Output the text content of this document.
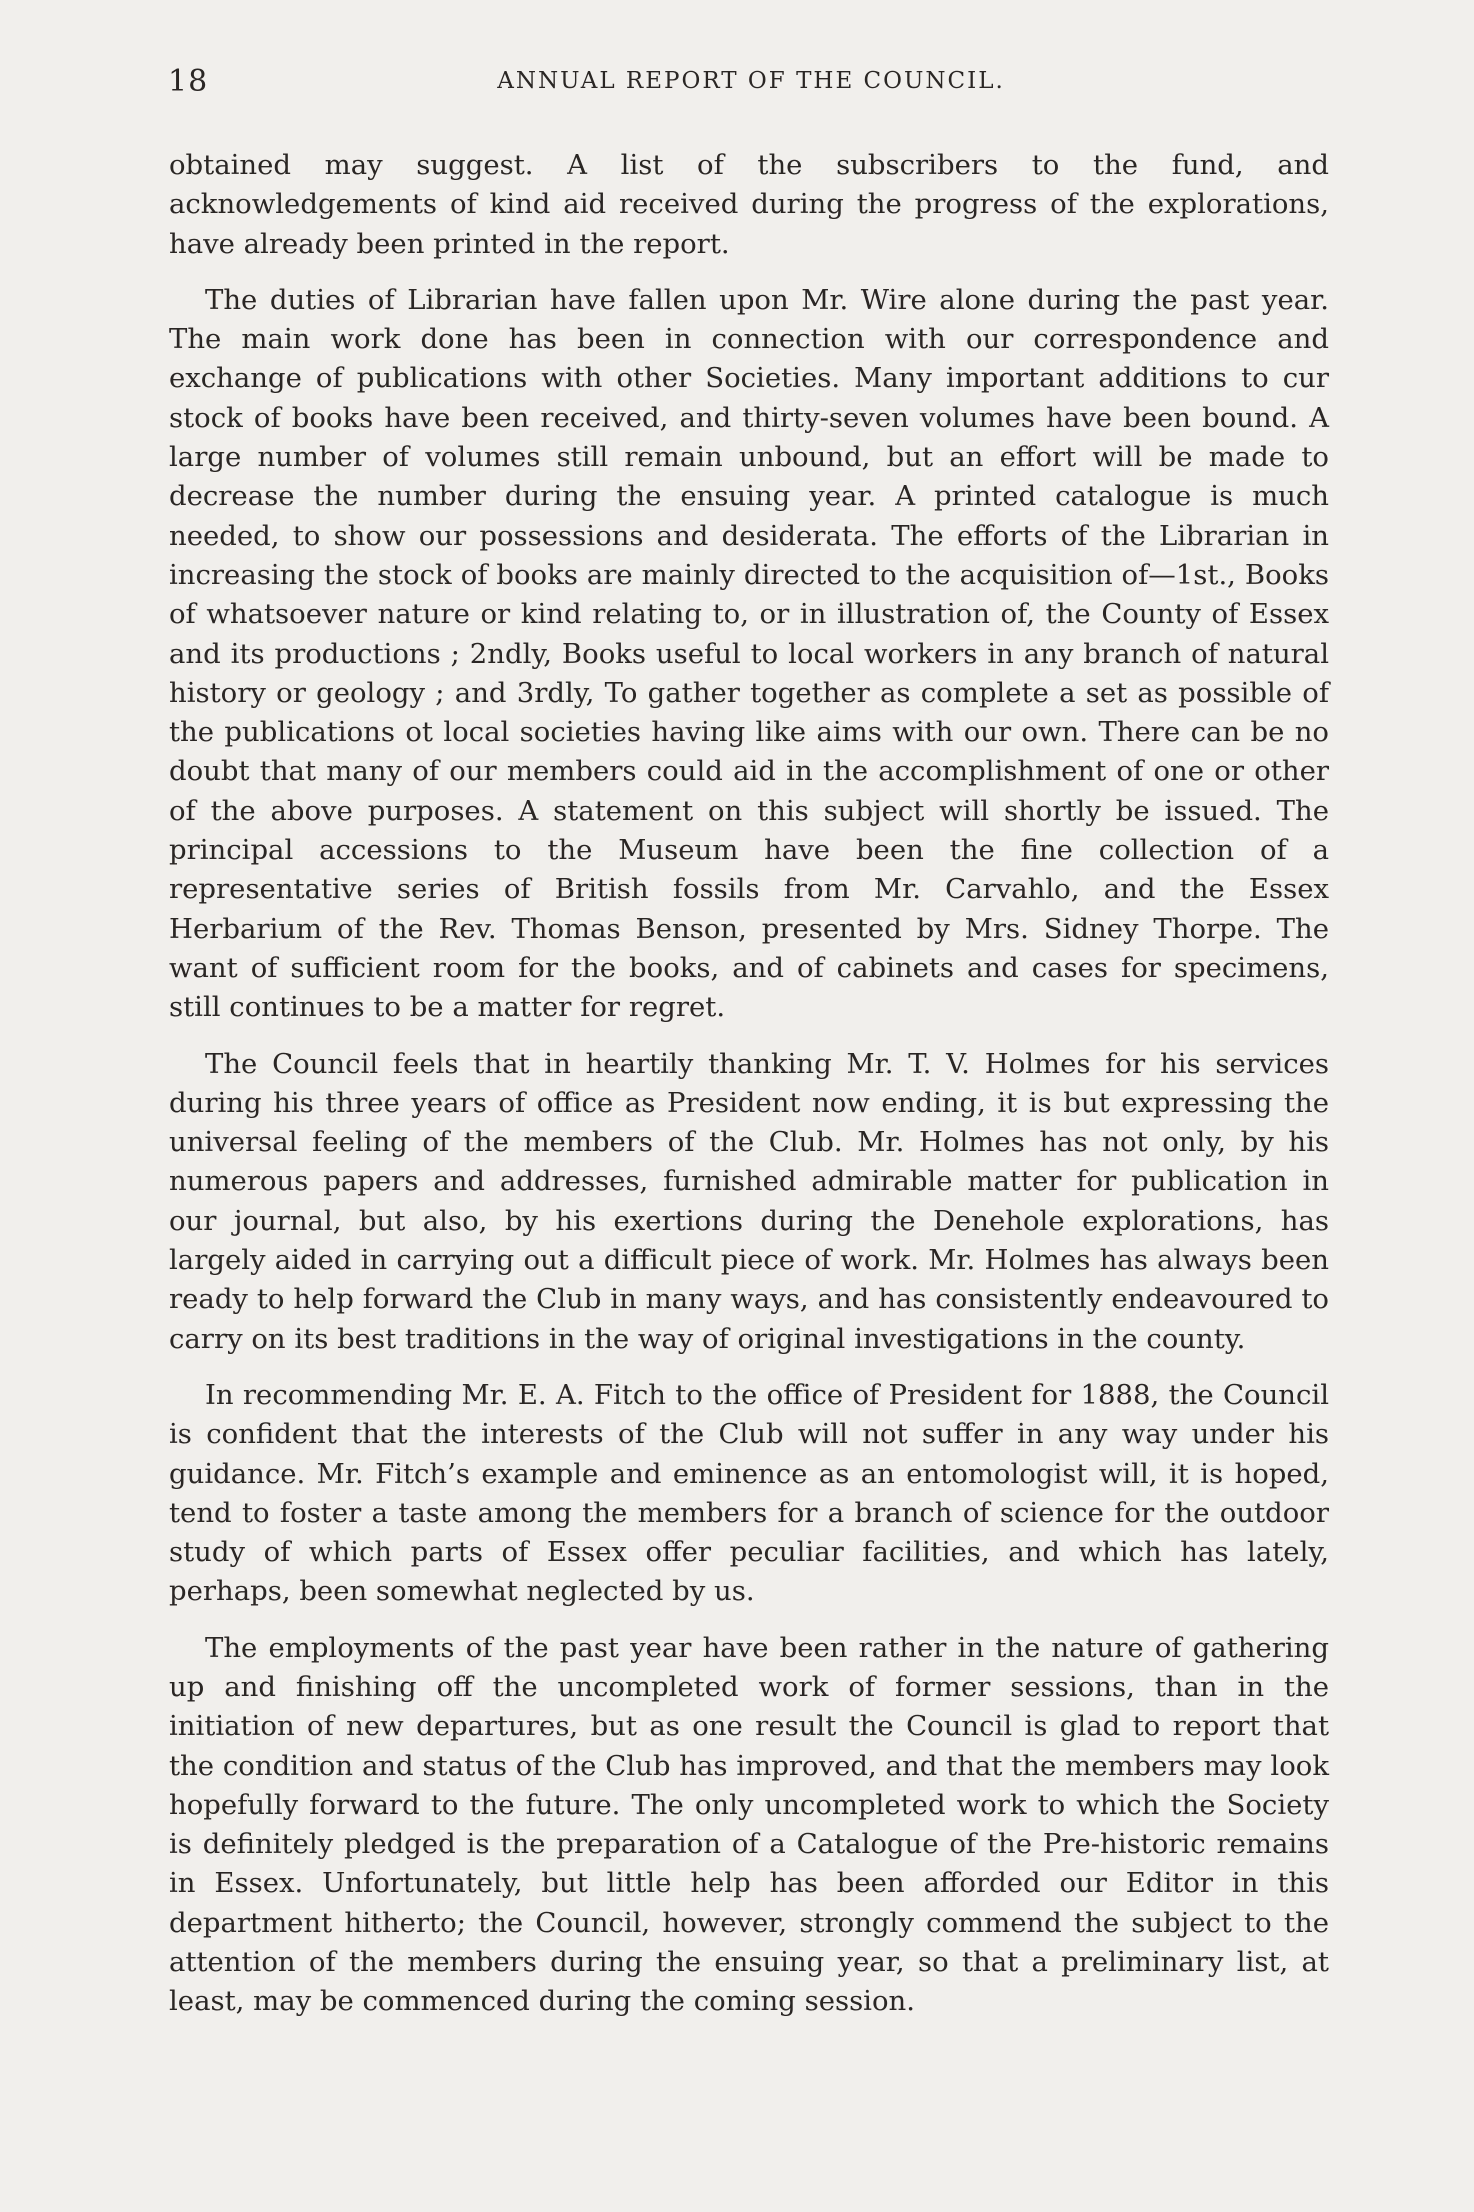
18	ANNUAL REPORT OF THE COUNCIL.

obtained may suggest. A list of the subscribers to the fund, and acknowledgements of kind aid received during the progress of the explorations, have already been printed in the report.

The duties of Librarian have fallen upon Mr. Wire alone during the past year. The main work done has been in connection with our correspondence and exchange of publications with other Societies. Many important additions to cur stock of books have been received, and thirty-seven volumes have been bound. A large number of volumes still remain unbound, but an effort will be made to decrease the number during the ensuing year. A printed catalogue is much needed, to show our possessions and desiderata. The efforts of the Librarian in increasing the stock of books are mainly directed to the acquisition of—1st., Books of whatsoever nature or kind relating to, or in illustration of, the County of Essex and its productions ; 2ndly, Books useful to local workers in any branch of natural history or geology ; and 3rdly, To gather together as complete a set as possible of the publications ot local societies having like aims with our own. There can be no doubt that many of our members could aid in the accomplishment of one or other of the above purposes. A statement on this subject will shortly be issued. The principal accessions to the Museum have been the fine collection of a representative series of British fossils from Mr. Carvahlo, and the Essex Herbarium of the Rev. Thomas Benson, presented by Mrs. Sidney Thorpe. The want of sufficient room for the books, and of cabinets and cases for specimens, still continues to be a matter for regret.

The Council feels that in heartily thanking Mr. T. V. Holmes for his services during his three years of office as President now ending, it is but expressing the universal feeling of the members of the Club. Mr. Holmes has not only, by his numerous papers and addresses, furnished admirable matter for publication in our journal, but also, by his exertions during the Denehole explorations, has largely aided in carrying out a difficult piece of work. Mr. Holmes has always been ready to help forward the Club in many ways, and has consistently endeavoured to carry on its best traditions in the way of original investigations in the county.

In recommending Mr. E. A. Fitch to the office of President for 1888, the Council is confident that the interests of the Club will not suffer in any way under his guidance. Mr. Fitch’s example and eminence as an entomologist will, it is hoped, tend to foster a taste among the members for a branch of science for the outdoor study of which parts of Essex offer peculiar facilities, and which has lately, perhaps, been somewhat neglected by us.

The employments of the past year have been rather in the nature of gathering up and finishing off the uncompleted work of former sessions, than in the initiation of new departures, but as one result the Council is glad to report that the condition and status of the Club has improved, and that the members may look hopefully forward to the future. The only uncompleted work to which the Society is definitely pledged is the preparation of a Catalogue of the Pre-historic remains in Essex. Unfortunately, but little help has been afforded our Editor in this department hitherto; the Council, however, strongly commend the subject to the attention of the members during the ensuing year, so that a preliminary list, at least, may be commenced during the coming session.
